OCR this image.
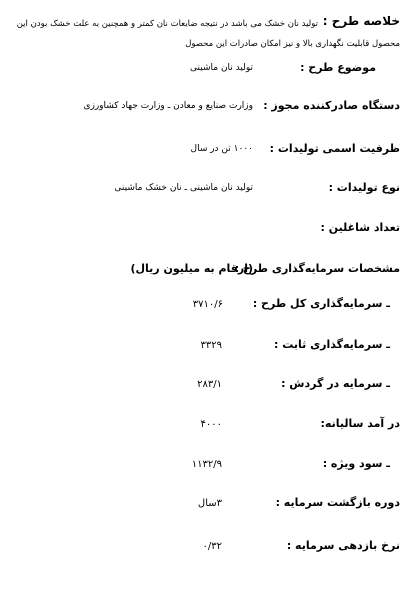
خلاصه طرح :
تولید نان خشک می باشد در نتیجه ضایعات نان کمتر و همچنین به علت خشک بودن این
محصول قابلیت نگهداری بالا و نیز امکان صادرات این محصول
موضوع طرح :
تولید نان ماشینی
دستگاه صادرکننده مجوز :
وزارت صنایع و معادن ـ وزارت جهاد کشاورزی
ظرفیت اسمی تولیدات :
۱۰۰۰ تن در سال
نوع تولیدات :
تولید نان ماشینی ـ نان خشک ماشینی
تعداد شاغلین :
مشخصات سرمایه‌گذاری طرح :
(ارقام به میلیون ریال)
ـ سرمایه‌گذاری کل طرح :
۳۷۱۰/۶
ـ سرمایه‌گذاری ثابت :
۳۳۲۹
ـ سرمایه در گردش :
۲۸۳/۱
در آمد سالیانه:
۴۰۰۰
ـ سود ویژه :
۱۱۳۲/۹
دوره بازگشت سرمایه :
۳سال
نرخ بازدهی سرمایه :
۰/۳۲
